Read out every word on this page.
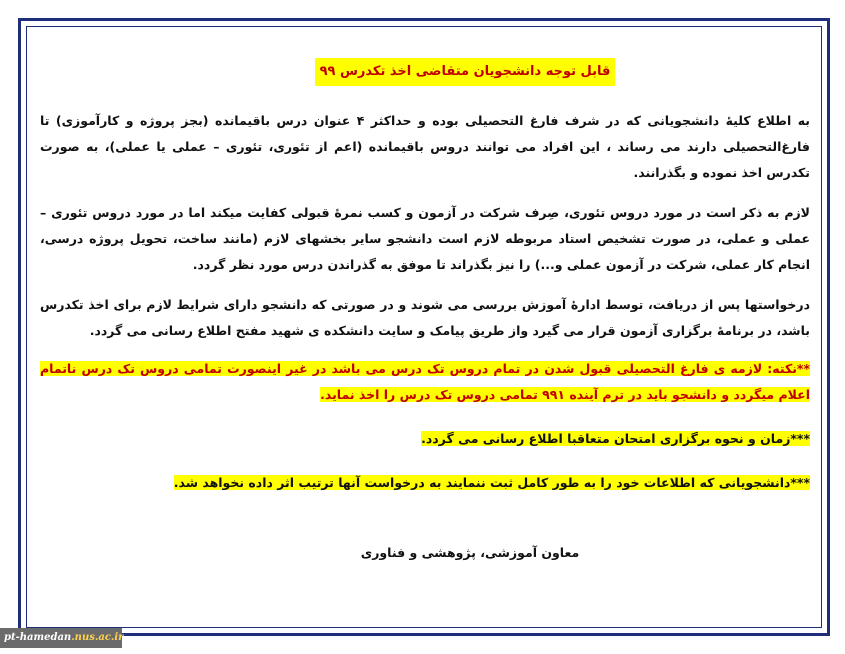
قابل توجه دانشجویان متقاضی اخذ تکدرس ۹۹

به اطلاع کلیهٔ دانشجویانی که در شرف فارغ التحصیلی بوده و حداکثر ۴ عنوان درس باقیمانده (بجز پروژه و کارآموزی) تا فارغ‌التحصیلی دارند می رساند ، این افراد می توانند دروس باقیمانده (اعم از تئوری، تئوری – عملی یا عملی)، به صورت تکدرس اخذ نموده و بگذرانند.

لازم به ذکر است در مورد دروس تئوری، صِرف شرکت در آزمون و کسب نمرهٔ قبولی کفایت میکند اما در مورد دروس تئوری – عملی و عملی، در صورت تشخیص استاد مربوطه لازم است دانشجو سایر بخشهای لازم (مانند ساخت، تحویل پروژه درسی، انجام کار عملی، شرکت در آزمون عملی و...) را نیز بگذراند تا موفق به گذراندن درس مورد نظر گردد.

درخواستها پس از دریافت، توسط ادارهٔ آموزش بررسی می شوند و در صورتی که دانشجو دارای شرایط لازم برای اخذ تکدرس باشد، در برنامهٔ برگزاری آزمون قرار می گیرد واز طریق پیامک و سایت دانشکده ی شهید مفتح اطلاع رسانی می گردد.

**نکته: لازمه ی فارغ التحصیلی قبول شدن در تمام دروس تک درس می باشد در غیر اینصورت تمامی دروس تک درس ناتمام اعلام میگردد و دانشجو باید در ترم آینده ۹۹۱ تمامی دروس تک درس را اخذ نماید.
***زمان و نحوه برگزاری امتحان متعاقبا اطلاع رسانی می گردد.
***دانشجویانی که اطلاعات خود را به طور کامل ثبت ننمایند به درخواست آنها ترتیب اثر داده نخواهد شد.

معاون آموزشی، پژوهشی و فناوری

pt-hamedan.nus.ac.ir
